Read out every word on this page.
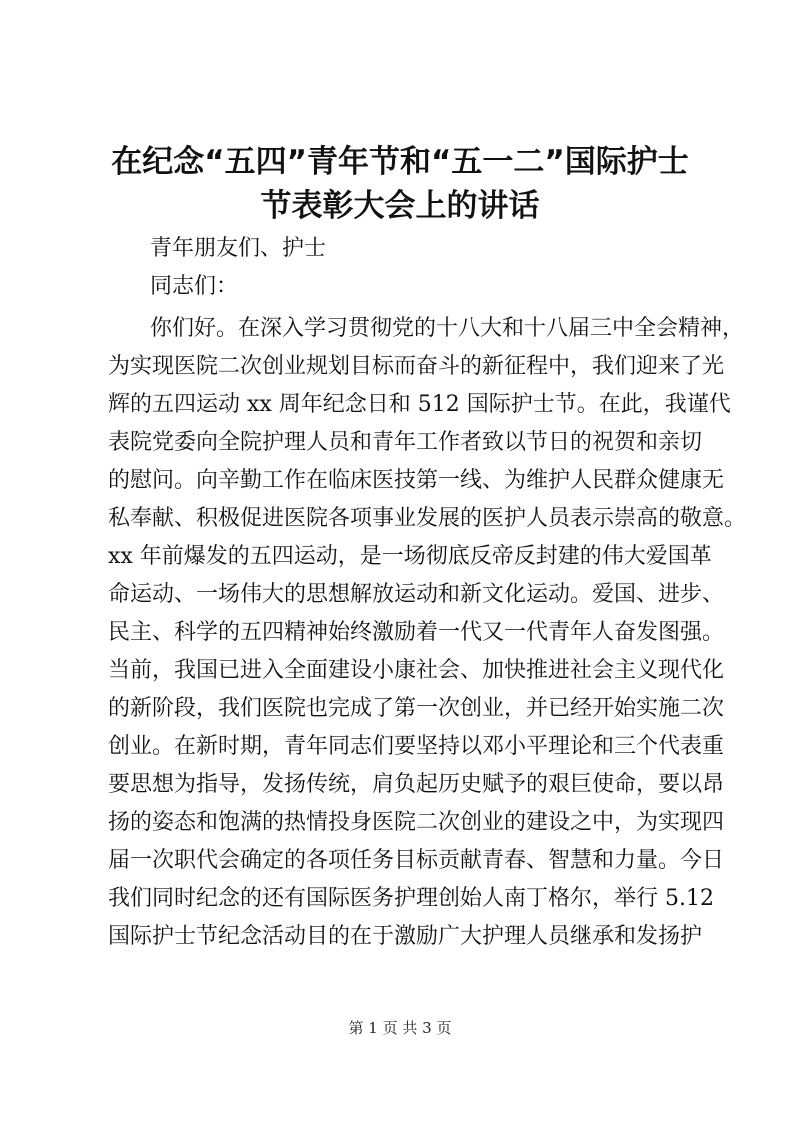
在纪念“五四”青年节和“五一二”国际护士
节表彰大会上的讲话

青年朋友们、护士

同志们：

你们好。在深入学习贯彻党的十八大和十八届三中全会精神，

为实现医院二次创业规划目标而奋斗的新征程中，我们迎来了光

辉的五四运动 xx 周年纪念日和 512 国际护士节。在此，我谨代

表院党委向全院护理人员和青年工作者致以节日的祝贺和亲切

的慰问。向辛勤工作在临床医技第一线、为维护人民群众健康无

私奉献、积极促进医院各项事业发展的医护人员表示崇高的敬意。

xx 年前爆发的五四运动，是一场彻底反帝反封建的伟大爱国革

命运动、一场伟大的思想解放运动和新文化运动。爱国、进步、

民主、科学的五四精神始终激励着一代又一代青年人奋发图强。

当前，我国已进入全面建设小康社会、加快推进社会主义现代化

的新阶段，我们医院也完成了第一次创业，并已经开始实施二次

创业。在新时期，青年同志们要坚持以邓小平理论和三个代表重

要思想为指导，发扬传统，肩负起历史赋予的艰巨使命，要以昂

扬的姿态和饱满的热情投身医院二次创业的建设之中，为实现四

届一次职代会确定的各项任务目标贡献青春、智慧和力量。今日

我们同时纪念的还有国际医务护理创始人南丁格尔，举行 5.12

国际护士节纪念活动目的在于激励广大护理人员继承和发扬护

第 1 页 共 3 页
